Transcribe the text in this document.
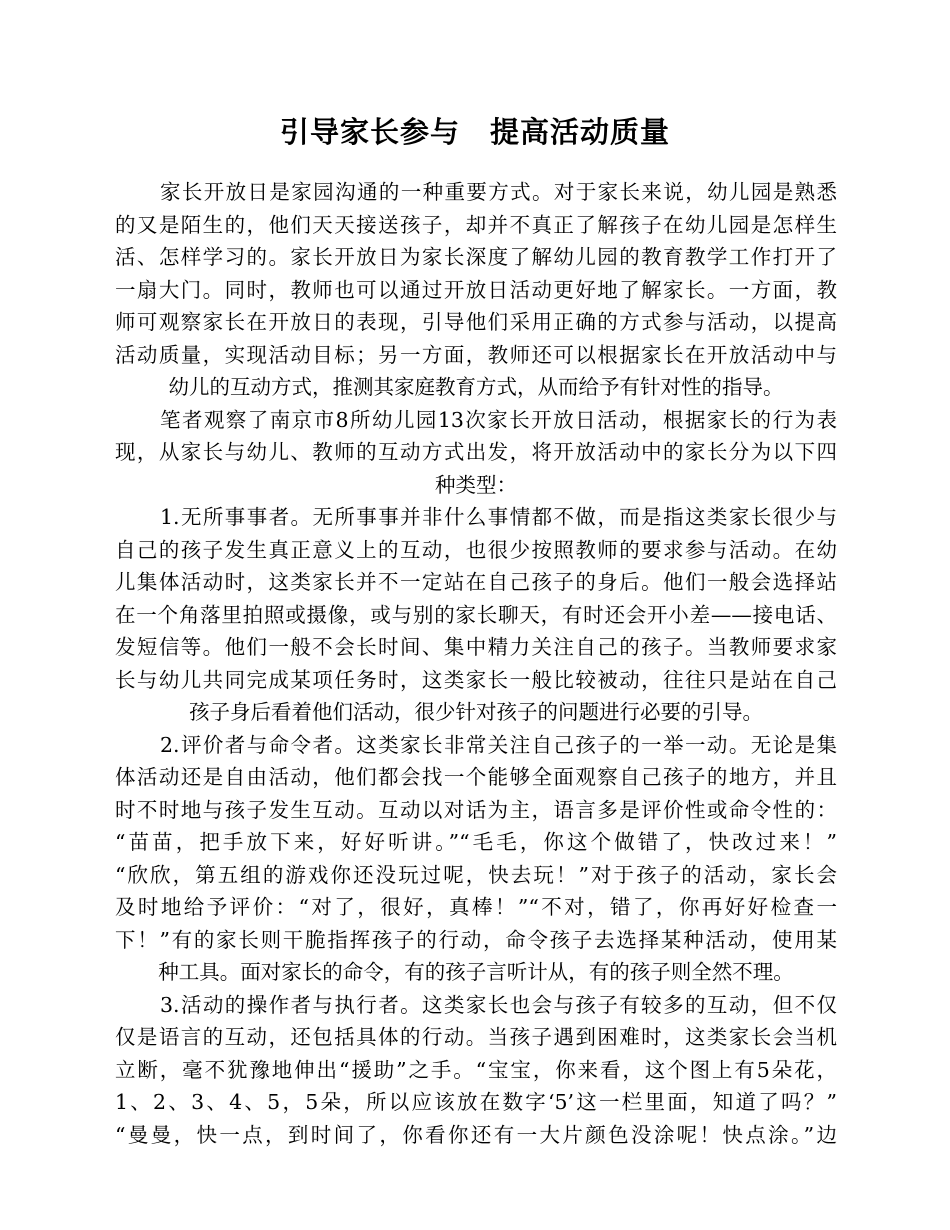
引导家长参与　提高活动质量
家长开放日是家园沟通的一种重要方式。对于家长来说，幼儿园是熟悉
的又是陌生的，他们天天接送孩子，却并不真正了解孩子在幼儿园是怎样生
活、怎样学习的。家长开放日为家长深度了解幼儿园的教育教学工作打开了
一扇大门。同时，教师也可以通过开放日活动更好地了解家长。一方面，教
师可观察家长在开放日的表现，引导他们采用正确的方式参与活动，以提高
活动质量，实现活动目标；另一方面，教师还可以根据家长在开放活动中与
幼儿的互动方式，推测其家庭教育方式，从而给予有针对性的指导。
笔者观察了南京市8所幼儿园13次家长开放日活动，根据家长的行为表
现，从家长与幼儿、教师的互动方式出发，将开放活动中的家长分为以下四
种类型：
1.无所事事者。无所事事并非什么事情都不做，而是指这类家长很少与
自己的孩子发生真正意义上的互动，也很少按照教师的要求参与活动。在幼
儿集体活动时，这类家长并不一定站在自己孩子的身后。他们一般会选择站
在一个角落里拍照或摄像，或与别的家长聊天，有时还会开小差——接电话、
发短信等。他们一般不会长时间、集中精力关注自己的孩子。当教师要求家
长与幼儿共同完成某项任务时，这类家长一般比较被动，往往只是站在自己
孩子身后看着他们活动，很少针对孩子的问题进行必要的引导。
2.评价者与命令者。这类家长非常关注自己孩子的一举一动。无论是集
体活动还是自由活动，他们都会找一个能够全面观察自己孩子的地方，并且
时不时地与孩子发生互动。互动以对话为主，语言多是评价性或命令性的：
“苗苗，把手放下来，好好听讲。”“毛毛，你这个做错了，快改过来！”
“欣欣，第五组的游戏你还没玩过呢，快去玩！”对于孩子的活动，家长会
及时地给予评价：“对了，很好，真棒！”“不对，错了，你再好好检查一
下！”有的家长则干脆指挥孩子的行动，命令孩子去选择某种活动，使用某
种工具。面对家长的命令，有的孩子言听计从，有的孩子则全然不理。
3.活动的操作者与执行者。这类家长也会与孩子有较多的互动，但不仅
仅是语言的互动，还包括具体的行动。当孩子遇到困难时，这类家长会当机
立断，毫不犹豫地伸出“援助”之手。“宝宝，你来看，这个图上有5朵花，
1、2、3、4、5，5朵，所以应该放在数字‘5’这一栏里面，知道了吗？”
“曼曼，快一点，到时间了，你看你还有一大片颜色没涂呢！快点涂。”边
